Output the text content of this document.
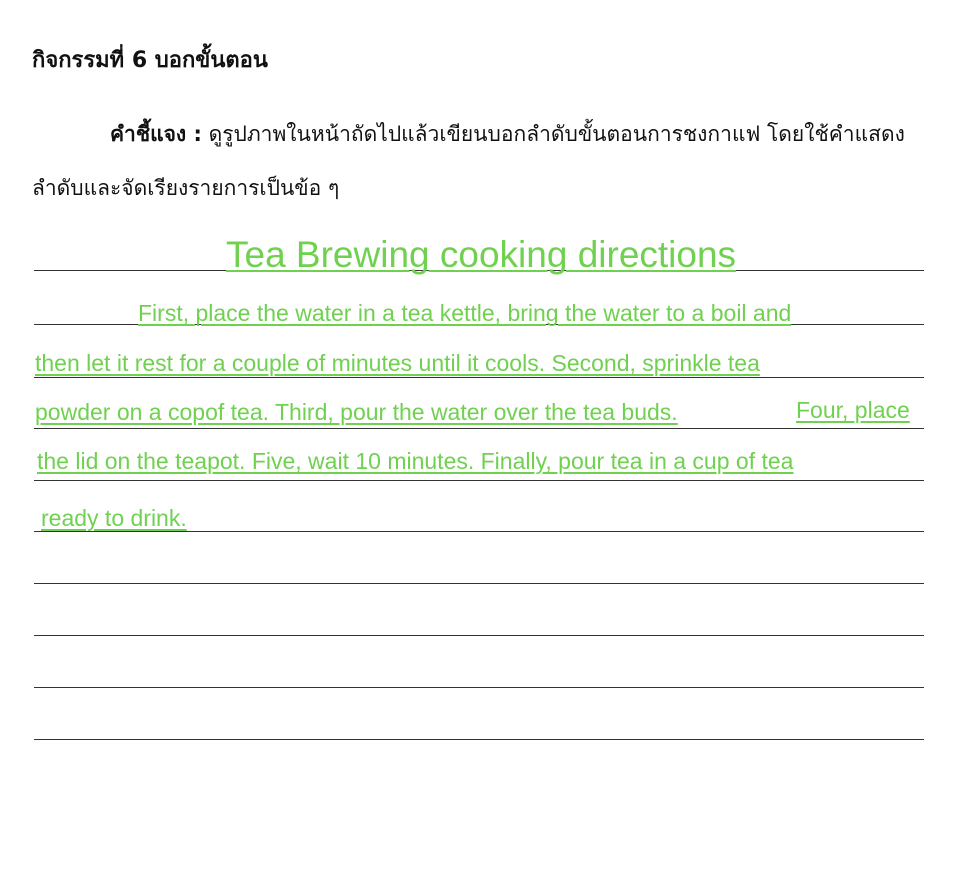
กิจกรรมที่ 6 บอกขั้นตอน
คำชี้แจง : ดูรูปภาพในหน้าถัดไปแล้วเขียนบอกลำดับขั้นตอนการชงกาแฟ โดยใช้คำแสดง
ลำดับและจัดเรียงรายการเป็นข้อ ๆ
Tea Brewing cooking directions
First, place the water in a tea kettle, bring the water to a boil and
then let it rest for a couple of minutes until it cools. Second, sprinkle tea
powder on a copof tea. Third, pour the water over the tea buds.	Four, place
the lid on the teapot. Five, wait 10 minutes. Finally, pour tea in a cup of tea
ready to drink.
